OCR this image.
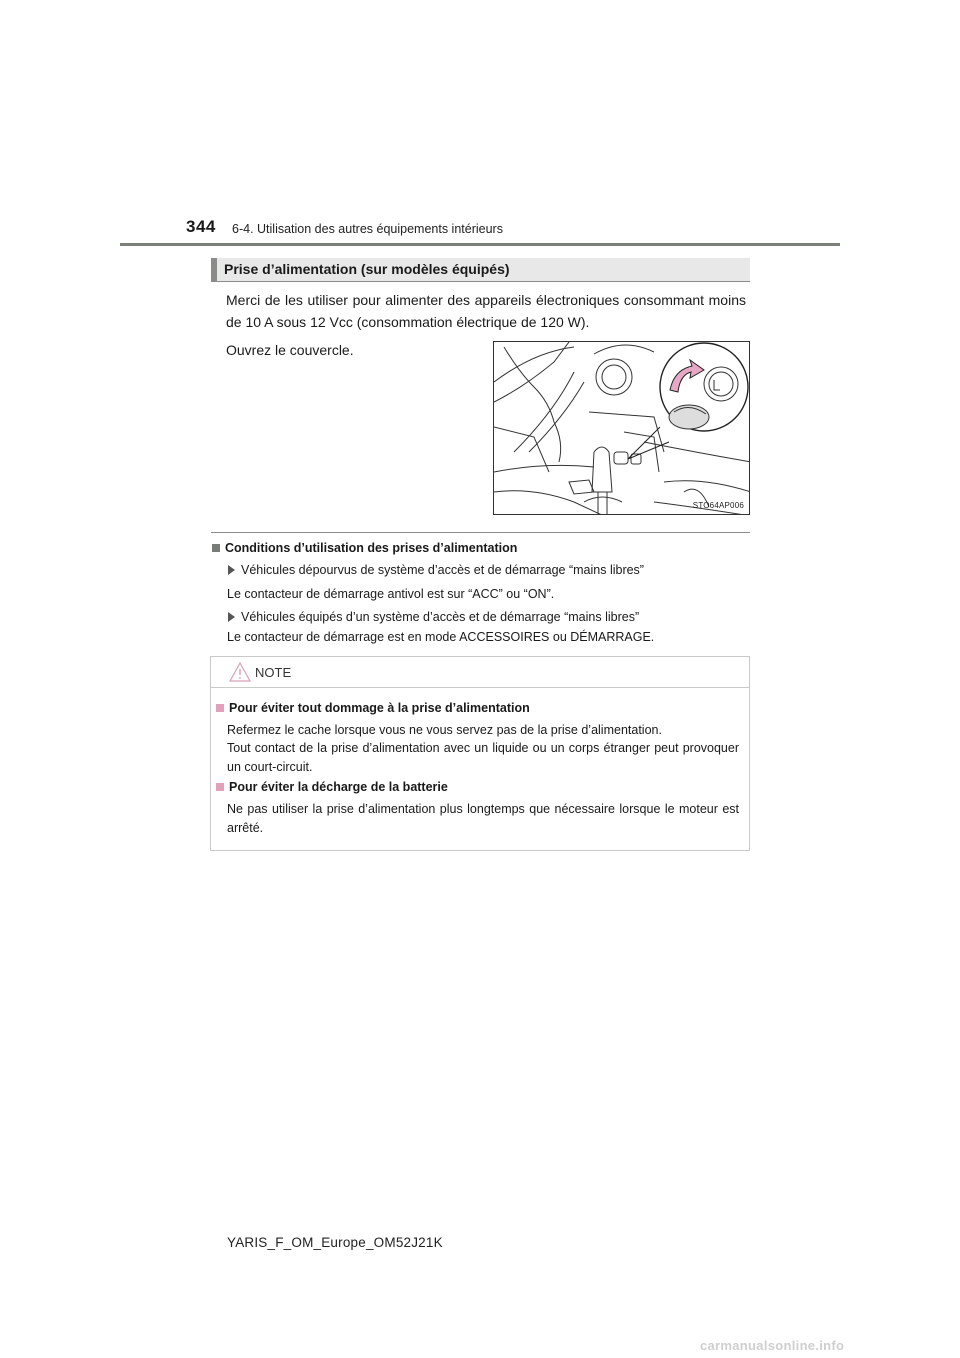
344 6-4. Utilisation des autres équipements intérieurs
Prise d’alimentation (sur modèles équipés)
Merci de les utiliser pour alimenter des appareils électroniques consommant moins de 10 A sous 12 Vcc (consommation électrique de 120 W).
Ouvrez le couvercle.
STO64AP006
Conditions d’utilisation des prises d’alimentation
Véhicules dépourvus de système d’accès et de démarrage “mains libres”
Le contacteur de démarrage antivol est sur “ACC” ou “ON”.
Véhicules équipés d’un système d’accès et de démarrage “mains libres”
Le contacteur de démarrage est en mode ACCESSOIRES ou DÉMARRAGE.
NOTE
Pour éviter tout dommage à la prise d’alimentation
Refermez le cache lorsque vous ne vous servez pas de la prise d’alimentation.
Tout contact de la prise d’alimentation avec un liquide ou un corps étranger peut provoquer un court-circuit.
Pour éviter la décharge de la batterie
Ne pas utiliser la prise d’alimentation plus longtemps que nécessaire lorsque le moteur est arrêté.
YARIS_F_OM_Europe_OM52J21K
carmanualsonline.info
